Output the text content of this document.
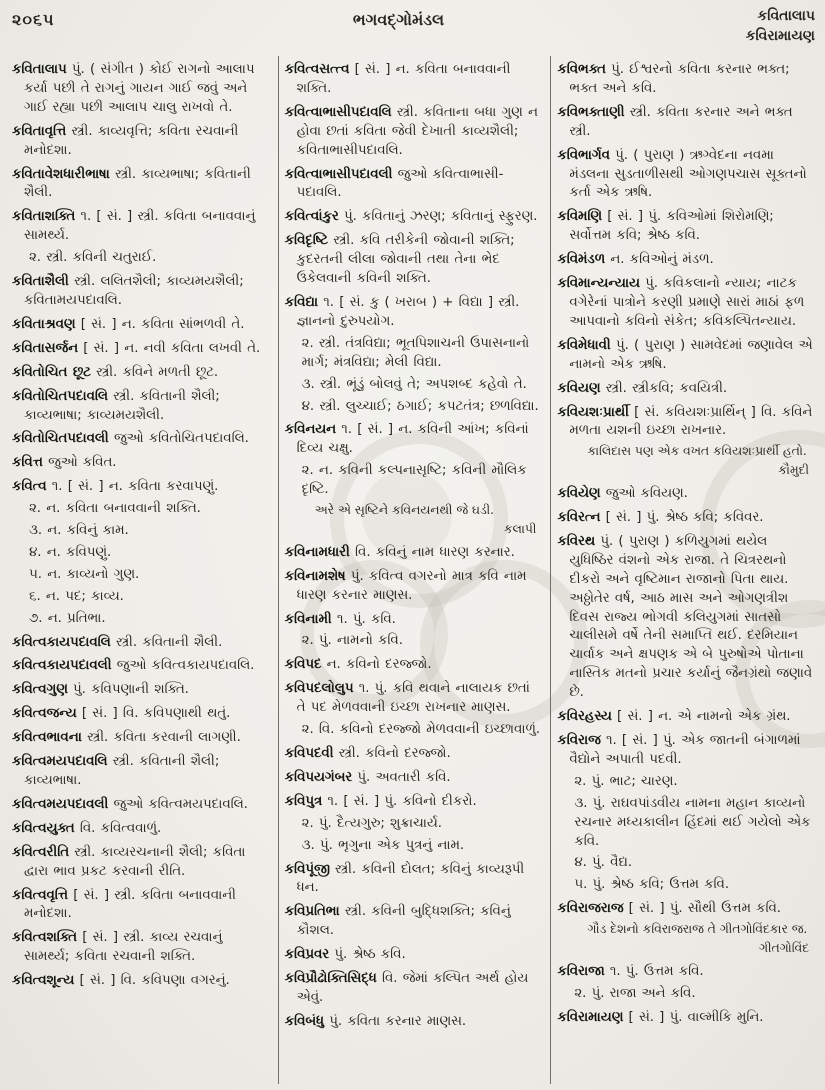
૨૦૬૫	ભગવદ્ગોમંડલ	કવિતાલાપ
કવિરામાયણ

કવિતાલાપ પું. ( સંગીત ) કોઈ રાગનો આલાપ કર્યા પછી તે રાગનું ગાયન ગાઈ જવું અને ગાઈ રહ્યા પછી આલાપ ચાલુ રાખવો તે.

કવિતાવૃત્તિ સ્ત્રી. કાવ્યવૃત્તિ; કવિતા રચવાની મનોદશા.

કવિતાવેશધારીભાષા સ્ત્રી. કાવ્યભાષા; કવિતાની શૈલી.

કવિતાશક્તિ ૧. [ સં. ] સ્ત્રી. કવિતા બનાવવાનું સામર્થ્ય.

૨. સ્ત્રી. કવિની ચતુરાઈ.

કવિતાશૈલી સ્ત્રી. લલિતશૈલી; કાવ્યમયશૈલી; કવિતામયપદાવલિ.

કવિતાશ્રવણ [ સં. ] ન. કવિતા સાંભળવી તે.

કવિતાસર્જન [ સં. ] ન. નવી કવિતા લખવી તે.

કવિતોચિત છૂટ સ્ત્રી. કવિને મળતી છૂટ.

કવિતોચિતપદાવલિ સ્ત્રી. કવિતાની શૈલી; કાવ્યભાષા; કાવ્યમયશૈલી.

કવિતોચિતપદાવલી જુઓ કવિતોચિતપદાવલિ.

કવિત્ત જુઓ કવિત.

કવિત્વ ૧. [ સં. ] ન. કવિતા કરવાપણું.

૨. ન. કવિતા બનાવવાની શક્તિ.

૩. ન. કવિનું કામ.

૪. ન. કવિપણું.

૫. ન. કાવ્યનો ગુણ.

૬. ન. પદ; કાવ્ય.

૭. ન. પ્રતિભા.

કવિત્વકાયપદાવલિ સ્ત્રી. કવિતાની શૈલી.

કવિત્વકાયપદાવલી જુઓ કવિત્વકાયપદાવલિ.

કવિત્વગુણ પું. કવિપણાની શક્તિ.

કવિત્વજન્ય [ સં. ] વિ. કવિપણાથી થતું.

કવિત્વભાવના સ્ત્રી. કવિતા કરવાની લાગણી.

કવિત્વમયપદાવલિ સ્ત્રી. કવિતાની શૈલી; કાવ્યભાષા.

કવિત્વમયપદાવલી જુઓ કવિત્વમયપદાવલિ.

કવિત્વયુક્ત વિ. કવિત્વવાળું.

કવિત્વરીતિ સ્ત્રી. કાવ્યરચનાની શૈલી; કવિતા દ્વારા ભાવ પ્રકટ કરવાની રીતિ.

કવિત્વવૃત્તિ [ સં. ] સ્ત્રી. કવિતા બનાવવાની મનોદશા.

કવિત્વશક્તિ [ સં. ] સ્ત્રી. કાવ્ય રચવાનું સામર્થ્ય; કવિતા રચવાની શક્તિ.

કવિત્વશૂન્ય [ સં. ] વિ. કવિપણા વગરનું.

કવિત્વસત્ત્વ [ સં. ] ન. કવિતા બનાવવાની શક્તિ.

કવિત્વાભાસીપદાવલિ સ્ત્રી. કવિતાના બધા ગુણ ન હોવા છતાં કવિતા જેવી દેખાતી કાવ્યશૈલી; કવિતાભાસીપદાવલિ.

કવિત્વાભાસીપદાવલી જુઓ કવિત્વાભાસી-પદાવલિ.

કવિત્વાંકુર પું. કવિતાનું ઝરણ; કવિતાનું સ્ફુરણ.

કવિદૃષ્ટિ સ્ત્રી. કવિ તરીકેની જોવાની શક્તિ; કુદરતની લીલા જોવાની તથા તેના ભેદ ઉકેલવાની કવિની શક્તિ.

કવિદ્યા ૧. [ સં. કુ ( ખરાબ ) + વિદ્યા ] સ્ત્રી. જ્ઞાનનો દુરુપયોગ.

૨. સ્ત્રી. તંત્રવિદ્યા; ભૂતપિશાચની ઉપાસનાનો માર્ગ; મંત્રવિદ્યા; મેલી વિદ્યા.

૩. સ્ત્રી. ભૂંડું બોલવું તે; અપશબ્દ કહેવો તે.

૪. સ્ત્રી. લુચ્ચાઈ; ઠગાઈ; કપટતંત્ર; છળવિદ્યા.

કવિનયન ૧. [ સં. ] ન. કવિની આંખ; કવિનાં દિવ્ય ચક્ષુ.

૨. ન. કવિની કલ્પનાસૃષ્ટિ; કવિની મૌલિક દૃષ્ટિ.

અરે એ સૃષ્ટિને કવિનયનથી જે ઘડી.

કલાપી

કવિનામધારી વિ. કવિનું નામ ધારણ કરનાર.

કવિનામશેષ પું. કવિત્વ વગરનો માત્ર કવિ નામ ધારણ કરનાર માણસ.

કવિનામી ૧. પું. કવિ.

૨. પું. નામનો કવિ.

કવિપદ ન. કવિનો દરજ્જો.

કવિપદલોલુપ ૧. પું. કવિ થવાને નાલાયક છતાં તે પદ મેળવવાની ઇચ્છા રાખનાર માણસ.

૨. વિ. કવિનો દરજ્જો મેળવવાની ઇચ્છાવાળું.

કવિપદવી સ્ત્રી. કવિનો દરજ્જો.

કવિપયગંબર પું. અવતારી કવિ.

કવિપુત્ર ૧. [ સં. ] પું. કવિનો દીકરો.

૨. પું. દૈત્યગુરુ; શુક્રાચાર્ય.

૩. પું. ભૃગુના એક પુત્રનું નામ.

કવિપૂંજી સ્ત્રી. કવિની દોલત; કવિનું કાવ્યરૂપી ધન.

કવિપ્રતિભા સ્ત્રી. કવિની બુદ્ધિશક્તિ; કવિનું કૌશલ.

કવિપ્રવર પું. શ્રેષ્ઠ કવિ.

કવિપ્રૌઢોક્તિસિદ્ધ વિ. જેમાં કલ્પિત અર્થ હોય એવું.

કવિબંધુ પું. કવિતા કરનાર માણસ.

કવિભક્ત પું. ઈશ્વરનો કવિતા કરનાર ભક્ત; ભક્ત અને કવિ.

કવિભક્તાણી સ્ત્રી. કવિતા કરનાર અને ભક્ત સ્ત્રી.

કવિભાર્ગવ પું. ( પુરાણ ) ઋગ્વેદના નવમા મંડલના સુડતાળીસથી ઓગણપચાસ સૂક્તનો કર્તા એક ઋષિ.

કવિમણિ [ સં. ] પું. કવિઓમાં શિરોમણિ; સર્વોત્તમ કવિ; શ્રેષ્ઠ કવિ.

કવિમંડળ ન. કવિઓનું મંડળ.

કવિમાન્યન્યાય પું. કવિકલાનો ન્યાય; નાટક વગેરેનાં પાત્રોને કરણી પ્રમાણે સારાં માઠાં ફળ આપવાનો કવિનો સંકેત; કવિકલ્પિતન્યાય.

કવિમેધાવી પું. ( પુરાણ ) સામવેદમાં જણાવેલ એ નામનો એક ઋષિ.

કવિયણ સ્ત્રી. સ્ત્રીકવિ; કવયિત્રી.

કવિયશઃપ્રાર્થી [ સં. કવિયશઃપ્રાર્થિન્ ] વિ. કવિને મળતા યશની ઇચ્છા રાખનાર.

કાલિદાસ પણ એક વખત કવિયશઃપ્રાર્થી હતો.

કૌમુદી

કવિયેણ જુઓ કવિયણ.

કવિરત્ન [ સં. ] પું. શ્રેષ્ઠ કવિ; કવિવર.

કવિરથ પું. ( પુરાણ ) કળિયુગમાં થયેલ યુધિષ્ઠિર વંશનો એક રાજા. તે ચિત્રરથનો દીકરો અને વૃષ્ટિમાન રાજાનો પિતા થાય. અઠ્ઠોતેર વર્ષ, આઠ માસ અને ઓગણત્રીશ દિવસ રાજ્ય ભોગવી કલિયુગમાં સાતસો ચાલીસમે વર્ષે તેની સમાપ્તિ થઈ. દરમિયાન ચાર્વાક અને ક્ષપણક એ બે પુરુષોએ પોતાના નાસ્તિક મતનો પ્રચાર કર્યાનું જૈનગ્રંથો જણાવે છે.

કવિરહસ્ય [ સં. ] ન. એ નામનો એક ગ્રંથ.

કવિરાજ ૧. [ સં. ] પું. એક જાતની બંગાળમાં વૈદ્યોને અપાતી પદવી.

૨. પું. ભાટ; ચારણ.

૩. પું. રાઘવપાંડવીય નામના મહાન કાવ્યનો રચનાર મધ્યકાલીન હિંદમાં થઈ ગયેલો એક કવિ.

૪. પું. વૈદ્ય.

૫. પું. શ્રેષ્ઠ કવિ; ઉત્તમ કવિ.

કવિરાજરાજ [ સં. ] પું. સૌથી ઉત્તમ કવિ.

ગૌડ દેશનો કવિરાજરાજ તે ગીતગોવિંદકાર જ.

ગીતગોવિંદ

કવિરાજા ૧. પું. ઉત્તમ કવિ.

૨. પું. રાજા અને કવિ.

કવિરામાયણ [ સં. ] પું. વાલ્મીકિ મુનિ.
